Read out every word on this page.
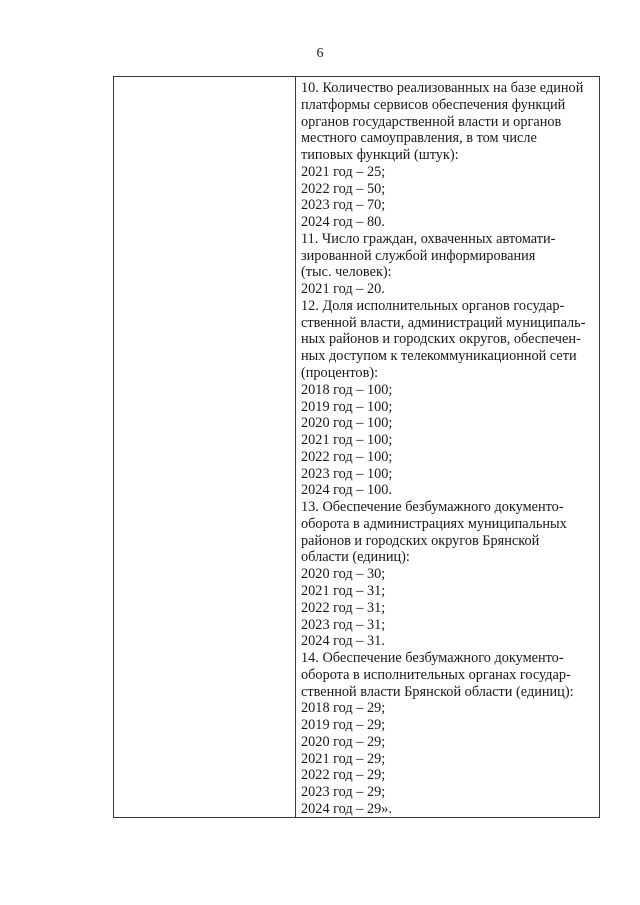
6
10. Количество реализованных на базе единой
платформы сервисов обеспечения функций
органов государственной власти и органов
местного самоуправления, в том числе
типовых функций (штук):
2021 год – 25;
2022 год – 50;
2023 год – 70;
2024 год – 80.
11. Число граждан, охваченных автомати-
зированной службой информирования
(тыс. человек):
2021 год – 20.
12. Доля исполнительных органов государ-
ственной власти, администраций муниципаль-
ных районов и городских округов, обеспечен-
ных доступом к телекоммуникационной сети
(процентов):
2018 год – 100;
2019 год – 100;
2020 год – 100;
2021 год – 100;
2022 год – 100;
2023 год – 100;
2024 год – 100.
13. Обеспечение безбумажного документо-
оборота в администрациях муниципальных
районов и городских округов Брянской
области (единиц):
2020 год – 30;
2021 год – 31;
2022 год – 31;
2023 год – 31;
2024 год – 31.
14. Обеспечение безбумажного документо-
оборота в исполнительных органах государ-
ственной власти Брянской области (единиц):
2018 год – 29;
2019 год – 29;
2020 год – 29;
2021 год – 29;
2022 год – 29;
2023 год – 29;
2024 год – 29».
